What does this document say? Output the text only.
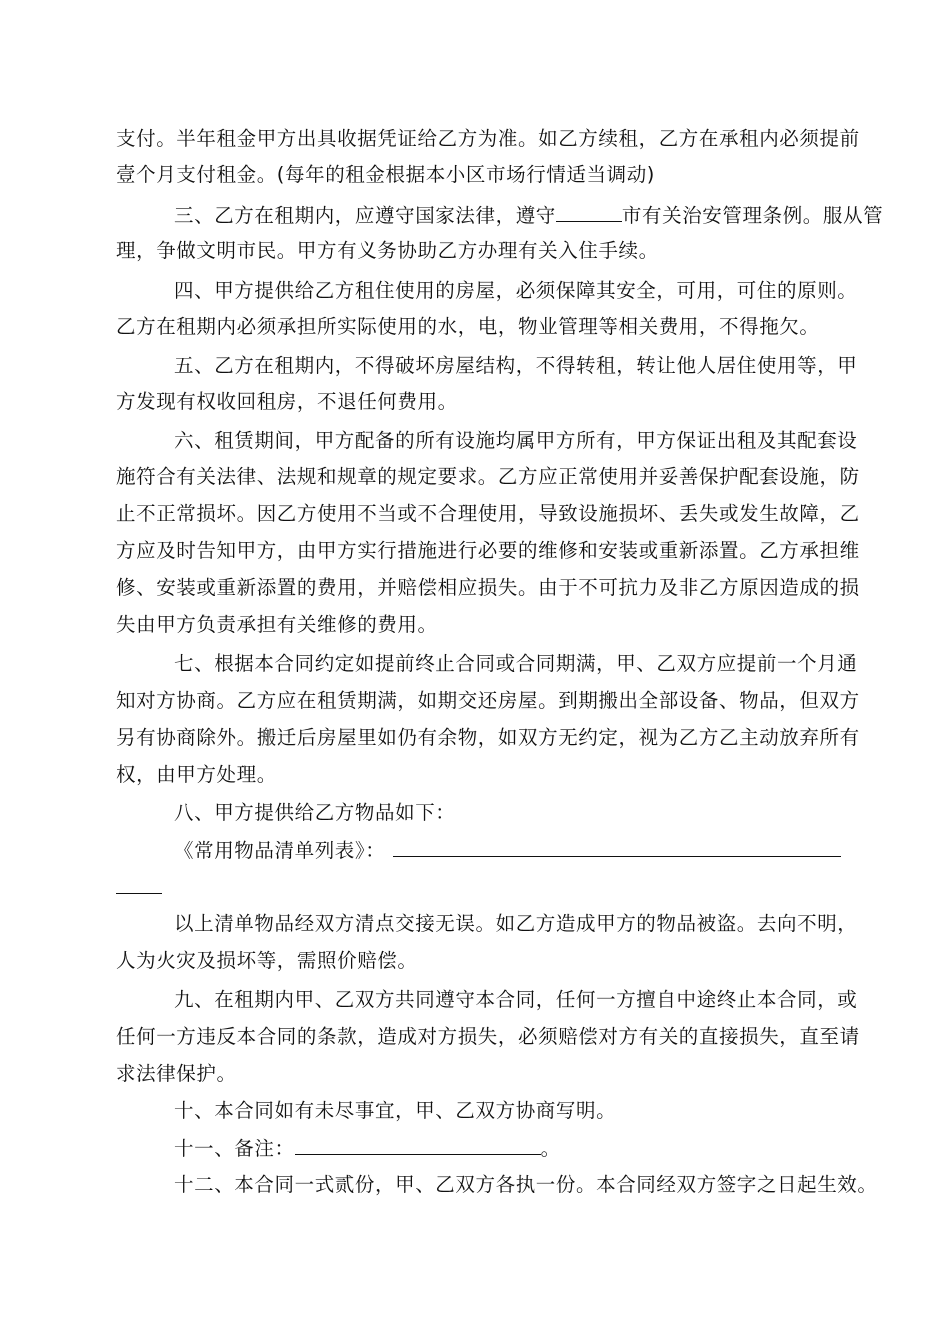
支付。半年租金甲方出具收据凭证给乙方为准。如乙方续租，乙方在承租内必须提前
壹个月支付租金。(每年的租金根据本小区市场行情适当调动)
三、乙方在租期内，应遵守国家法律，遵守	市有关治安管理条例。服从管
理，争做文明市民。甲方有义务协助乙方办理有关入住手续。
四、甲方提供给乙方租住使用的房屋，必须保障其安全，可用，可住的原则。
乙方在租期内必须承担所实际使用的水，电，物业管理等相关费用，不得拖欠。
五、乙方在租期内，不得破坏房屋结构，不得转租，转让他人居住使用等，甲
方发现有权收回租房，不退任何费用。
六、租赁期间，甲方配备的所有设施均属甲方所有，甲方保证出租及其配套设
施符合有关法律、法规和规章的规定要求。乙方应正常使用并妥善保护配套设施，防
止不正常损坏。因乙方使用不当或不合理使用，导致设施损坏、丢失或发生故障，乙
方应及时告知甲方，由甲方实行措施进行必要的维修和安装或重新添置。乙方承担维
修、安装或重新添置的费用，并赔偿相应损失。由于不可抗力及非乙方原因造成的损
失由甲方负责承担有关维修的费用。
七、根据本合同约定如提前终止合同或合同期满，甲、乙双方应提前一个月通
知对方协商。乙方应在租赁期满，如期交还房屋。到期搬出全部设备、物品，但双方
另有协商除外。搬迁后房屋里如仍有余物，如双方无约定，视为乙方乙主动放弃所有
权，由甲方处理。
八、甲方提供给乙方物品如下：
《常用物品清单列表》：
以上清单物品经双方清点交接无误。如乙方造成甲方的物品被盗。去向不明，
人为火灾及损坏等，需照价赔偿。
九、在租期内甲、乙双方共同遵守本合同，任何一方擅自中途终止本合同，或
任何一方违反本合同的条款，造成对方损失，必须赔偿对方有关的直接损失，直至请
求法律保护。
十、本合同如有未尽事宜，甲、乙双方协商写明。
十一、备注：	。
十二、本合同一式贰份，甲、乙双方各执一份。本合同经双方签字之日起生效。
